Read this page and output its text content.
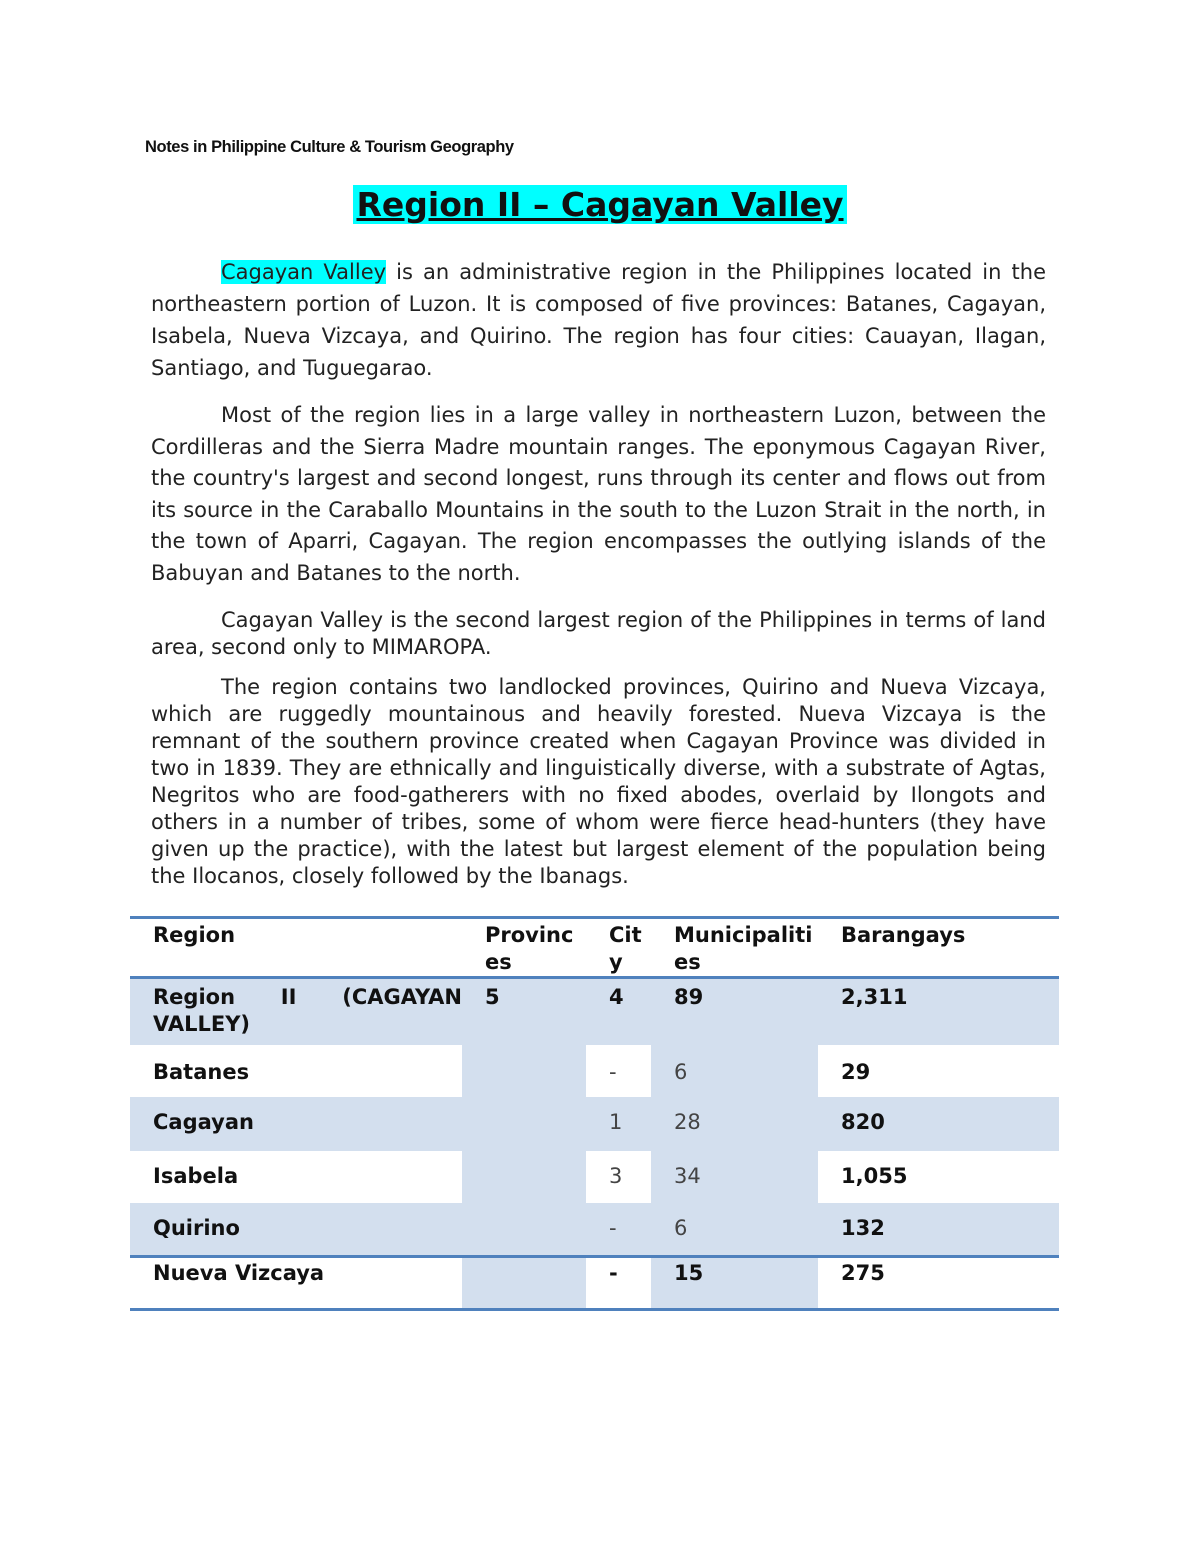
Notes in Philippine Culture & Tourism Geography
Region II – Cagayan Valley

Cagayan Valley is an administrative region in the Philippines located in the northeastern portion of Luzon. It is composed of five provinces: Batanes, Cagayan, Isabela, Nueva Vizcaya, and Quirino. The region has four cities: Cauayan, Ilagan, Santiago, and Tuguegarao.

Most of the region lies in a large valley in northeastern Luzon, between the Cordilleras and the Sierra Madre mountain ranges. The eponymous Cagayan River, the country's largest and second longest, runs through its center and flows out from its source in the Caraballo Mountains in the south to the Luzon Strait in the north, in the town of Aparri, Cagayan. The region encompasses the outlying islands of the Babuyan and Batanes to the north.

Cagayan Valley is the second largest region of the Philippines in terms of land area, second only to MIMAROPA.

The region contains two landlocked provinces, Quirino and Nueva Vizcaya, which are ruggedly mountainous and heavily forested. Nueva Vizcaya is the remnant of the southern province created when Cagayan Province was divided in two in 1839. They are ethnically and linguistically diverse, with a substrate of Agtas, Negritos who are food-gatherers with no fixed abodes, overlaid by Ilongots and others in a number of tribes, some of whom were fierce head-hunters (they have given up the practice), with the latest but largest element of the population being the Ilocanos, closely followed by the Ibanags.

Region	Provinc es	Cit y	Municipaliti es	Barangays
Region II (CAGAYAN VALLEY)	5	4	89	2,311
Batanes		-	6	29
Cagayan		1	28	820
Isabela		3	34	1,055
Quirino		-	6	132
Nueva Vizcaya		-	15	275
